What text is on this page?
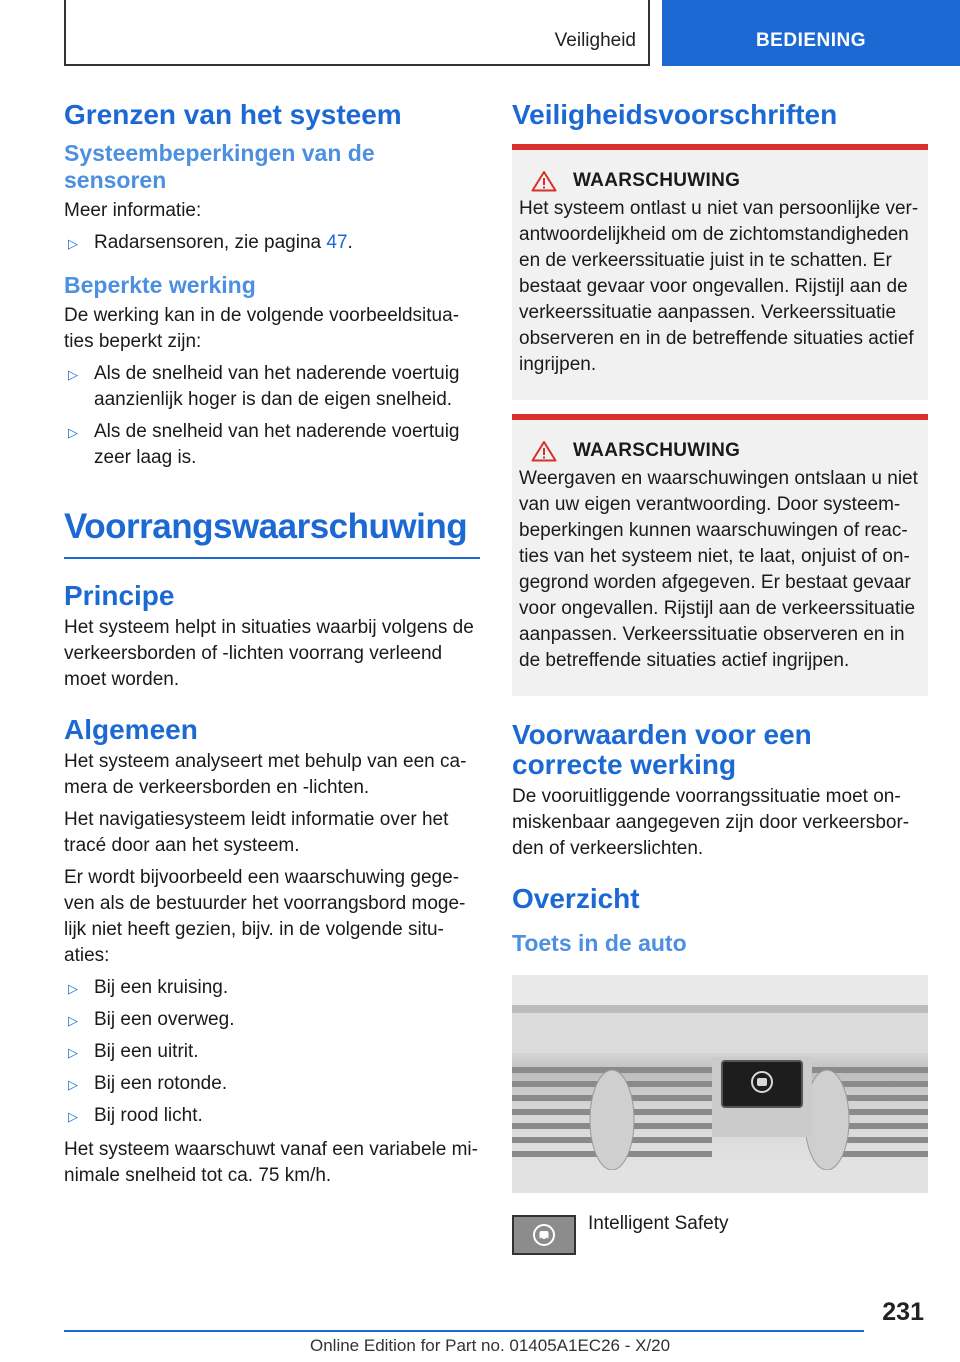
Veiligheid	BEDIENING
Grenzen van het systeem
Systeembeperkingen van de sensoren

Meer informatie:

▷ Radarsensoren, zie pagina 47.
Beperkte werking

De werking kan in de volgende voorbeeldsituaties beperkt zijn:

▷ Als de snelheid van het naderende voertuig aanzienlijk hoger is dan de eigen snelheid.
▷ Als de snelheid van het naderende voertuig zeer laag is.
Voorrangswaarschuwing
Principe

Het systeem helpt in situaties waarbij volgens de verkeersborden of -lichten voorrang verleend moet worden.

Algemeen

Het systeem analyseert met behulp van een camera de verkeersborden en -lichten.

Het navigatiesysteem leidt informatie over het tracé door aan het systeem.

Er wordt bijvoorbeeld een waarschuwing gegeven als de bestuurder het voorrangsbord mogelijk niet heeft gezien, bijv. in de volgende situaties:

▷ Bij een kruising.
▷ Bij een overweg.
▷ Bij een uitrit.
▷ Bij een rotonde.
▷ Bij rood licht.

Het systeem waarschuwt vanaf een variabele minimale snelheid tot ca. 75 km/h.

Veiligheidsvoorschriften
WAARSCHUWING

Het systeem ontlast u niet van persoonlijke verantwoordelijkheid om de zichtomstandigheden en de verkeerssituatie juist in te schatten. Er bestaat gevaar voor ongevallen. Rijstijl aan de verkeerssituatie aanpassen. Verkeerssituatie observeren en in de betreffende situaties actief ingrijpen.

WAARSCHUWING

Weergaven en waarschuwingen ontslaan u niet van uw eigen verantwoording. Door systeembeperkingen kunnen waarschuwingen of reacties van het systeem niet, te laat, onjuist of ongegrond worden afgegeven. Er bestaat gevaar voor ongevallen. Rijstijl aan de verkeerssituatie aanpassen. Verkeerssituatie observeren en in de betreffende situaties actief ingrijpen.

Voorwaarden voor een correcte werking

De vooruitliggende voorrangssituatie moet onmiskenbaar aangegeven zijn door verkeersborden of verkeerslichten.

Overzicht
Toets in de auto
Intelligent Safety
231
Online Edition for Part no. 01405A1EC26 - X/20
